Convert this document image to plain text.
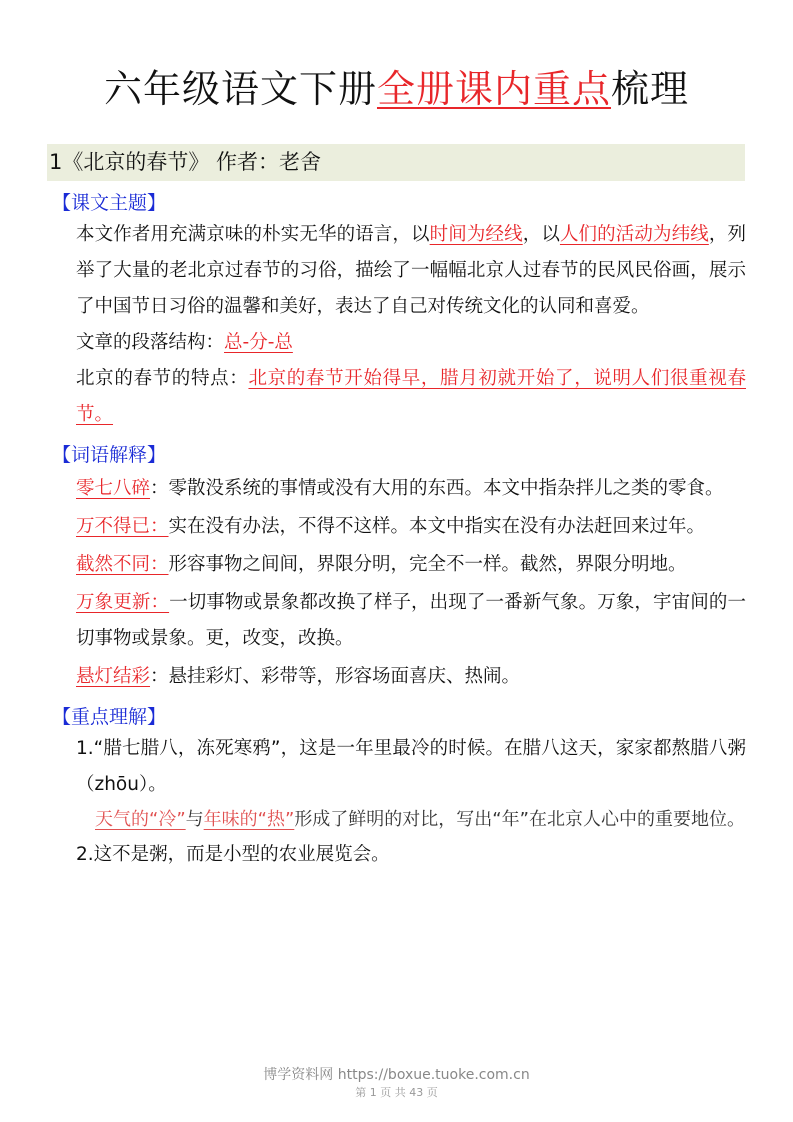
六年级语文下册全册课内重点梳理
1《北京的春节》 作者：老舍
【课文主题】
本文作者用充满京味的朴实无华的语言，以时间为经线，以人们的活动为纬线，列举了大量的老北京过春节的习俗，描绘了一幅幅北京人过春节的民风民俗画，展示了中国节日习俗的温馨和美好，表达了自己对传统文化的认同和喜爱。
文章的段落结构：总-分-总
北京的春节的特点：北京的春节开始得早，腊月初就开始了，说明人们很重视春节。
【词语解释】
零七八碎：零散没系统的事情或没有大用的东西。本文中指杂拌儿之类的零食。
万不得已：实在没有办法，不得不这样。本文中指实在没有办法赶回来过年。
截然不同：形容事物之间间，界限分明，完全不一样。截然，界限分明地。
万象更新：一切事物或景象都改换了样子，出现了一番新气象。万象，宇宙间的一切事物或景象。更，改变，改换。
悬灯结彩：悬挂彩灯、彩带等，形容场面喜庆、热闹。
【重点理解】
1.“腊七腊八，冻死寒鸦”，这是一年里最冷的时候。在腊八这天，家家都熬腊八粥（zhōu）。
天气的“冷”与年味的“热”形成了鲜明的对比，写出“年”在北京人心中的重要地位。
2.这不是粥，而是小型的农业展览会。
博学资料网 https://boxue.tuoke.com.cn
第 1 页 共 43 页
